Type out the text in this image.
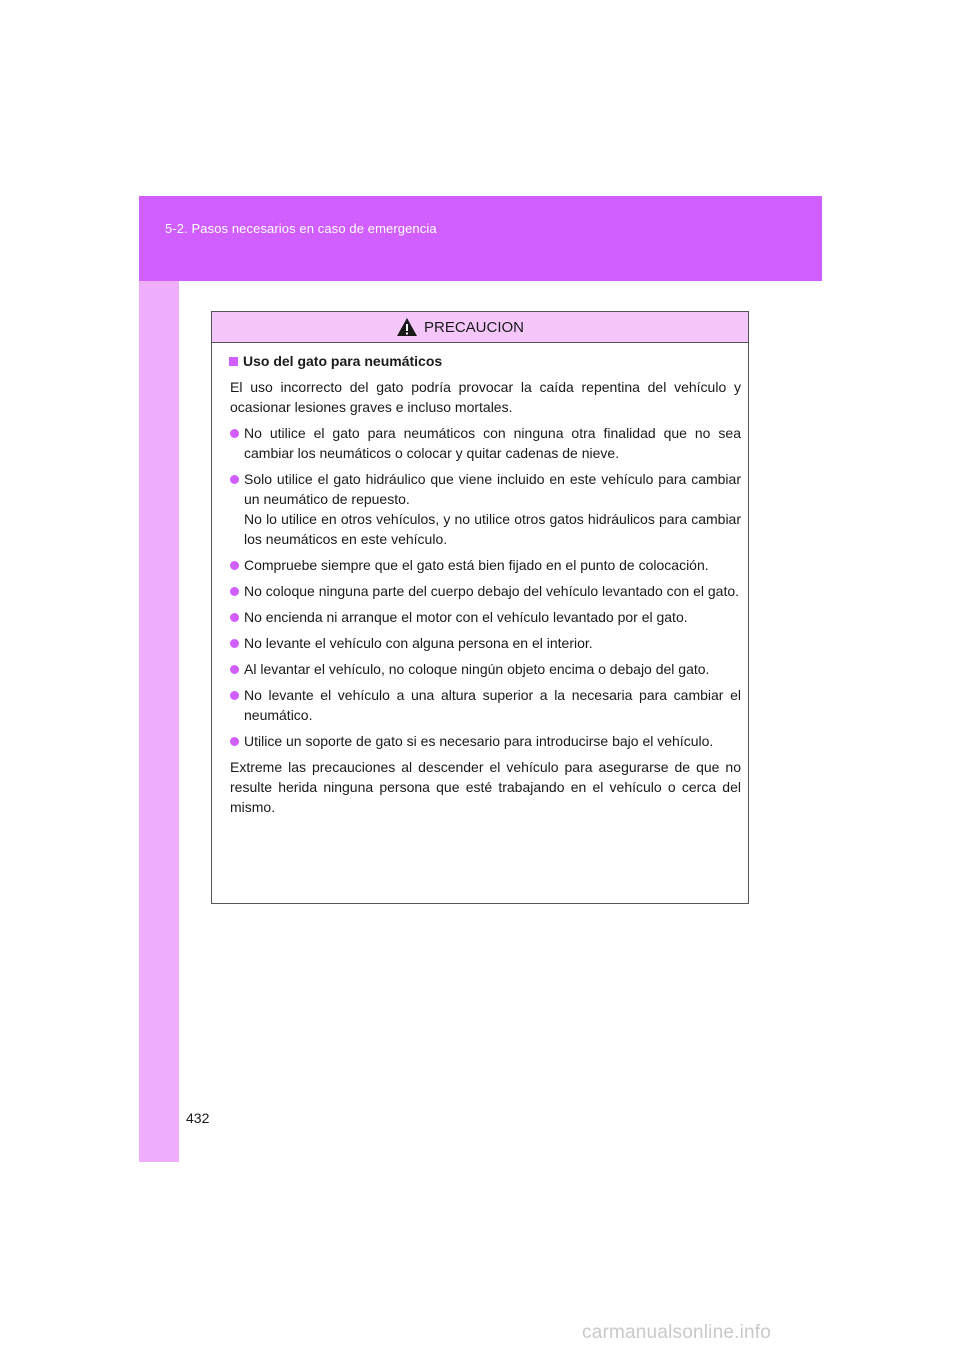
5-2. Pasos necesarios en caso de emergencia
PRECAUCION
Uso del gato para neumáticos

El uso incorrecto del gato podría provocar la caída repentina del vehículo y ocasionar lesiones graves e incluso mortales.

No utilice el gato para neumáticos con ninguna otra finalidad que no sea cambiar los neumáticos o colocar y quitar cadenas de nieve.
Solo utilice el gato hidráulico que viene incluido en este vehículo para cambiar un neumático de repuesto.
No lo utilice en otros vehículos, y no utilice otros gatos hidráulicos para cambiar los neumáticos en este vehículo.
Compruebe siempre que el gato está bien fijado en el punto de colocación.
No coloque ninguna parte del cuerpo debajo del vehículo levantado con el gato.
No encienda ni arranque el motor con el vehículo levantado por el gato.
No levante el vehículo con alguna persona en el interior.
Al levantar el vehículo, no coloque ningún objeto encima o debajo del gato.
No levante el vehículo a una altura superior a la necesaria para cambiar el neumático.
Utilice un soporte de gato si es necesario para introducirse bajo el vehículo.

Extreme las precauciones al descender el vehículo para asegurarse de que no resulte herida ninguna persona que esté trabajando en el vehículo o cerca del mismo.

432
carmanualsonline.info
